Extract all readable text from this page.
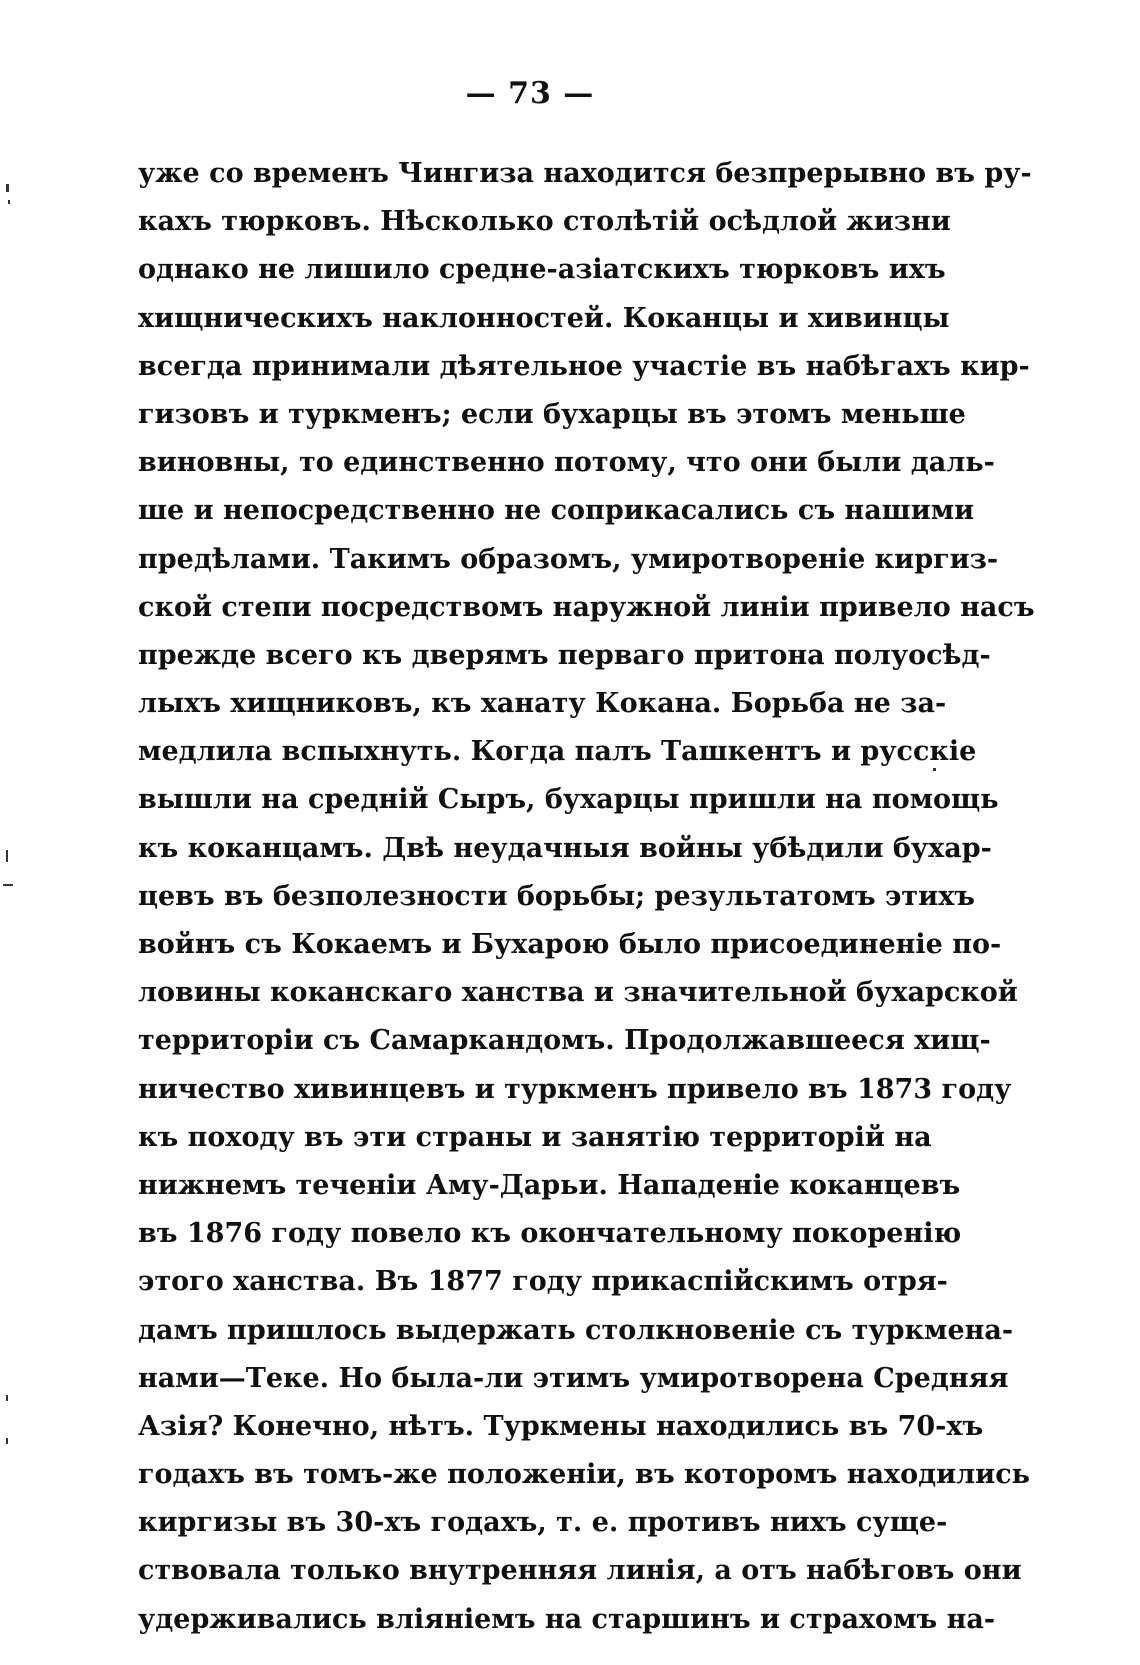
— 73 —
уже со временъ Чингиза находится безпрерывно въ ру-
кахъ тюрковъ. Нѣсколько столѣтій осѣдлой жизни
однако не лишило средне-азіатскихъ тюрковъ ихъ
хищническихъ наклонностей. Коканцы и хивинцы
всегда принимали дѣятельное участіе въ набѣгахъ кир-
гизовъ и туркменъ; если бухарцы въ этомъ меньше
виновны, то единственно потому, что они были даль-
ше и непосредственно не соприкасались съ нашими
предѣлами. Такимъ образомъ, умиротвореніе киргиз-
ской степи посредствомъ наружной линіи привело насъ
прежде всего къ дверямъ перваго притона полуосѣд-
лыхъ хищниковъ, къ ханату Кокана. Борьба не за-
медлила вспыхнуть. Когда палъ Ташкентъ и русскіе
вышли на средній Сыръ, бухарцы пришли на помощь
къ коканцамъ. Двѣ неудачныя войны убѣдили бухар-
цевъ въ безполезности борьбы; результатомъ этихъ
войнъ съ Кокаемъ и Бухарою было присоединеніе по-
ловины коканскаго ханства и значительной бухарской
территоріи съ Самаркандомъ. Продолжавшееся хищ-
ничество хивинцевъ и туркменъ привело въ 1873 году
къ походу въ эти страны и занятію территорій на
нижнемъ теченіи Аму-Дарьи. Нападеніе коканцевъ
въ 1876 году повело къ окончательному покоренію
этого ханства. Въ 1877 году прикаспійскимъ отря-
дамъ пришлось выдержать столкновеніе съ туркмена-
нами—Теке. Но была-ли этимъ умиротворена Средняя
Азія? Конечно, нѣтъ. Туркмены находились въ 70-хъ
годахъ въ томъ-же положеніи, въ которомъ находились
киргизы въ 30-хъ годахъ, т. е. противъ нихъ суще-
ствовала только внутренняя линія, а отъ набѣговъ они
удерживались вліяніемъ на старшинъ и страхомъ на-
